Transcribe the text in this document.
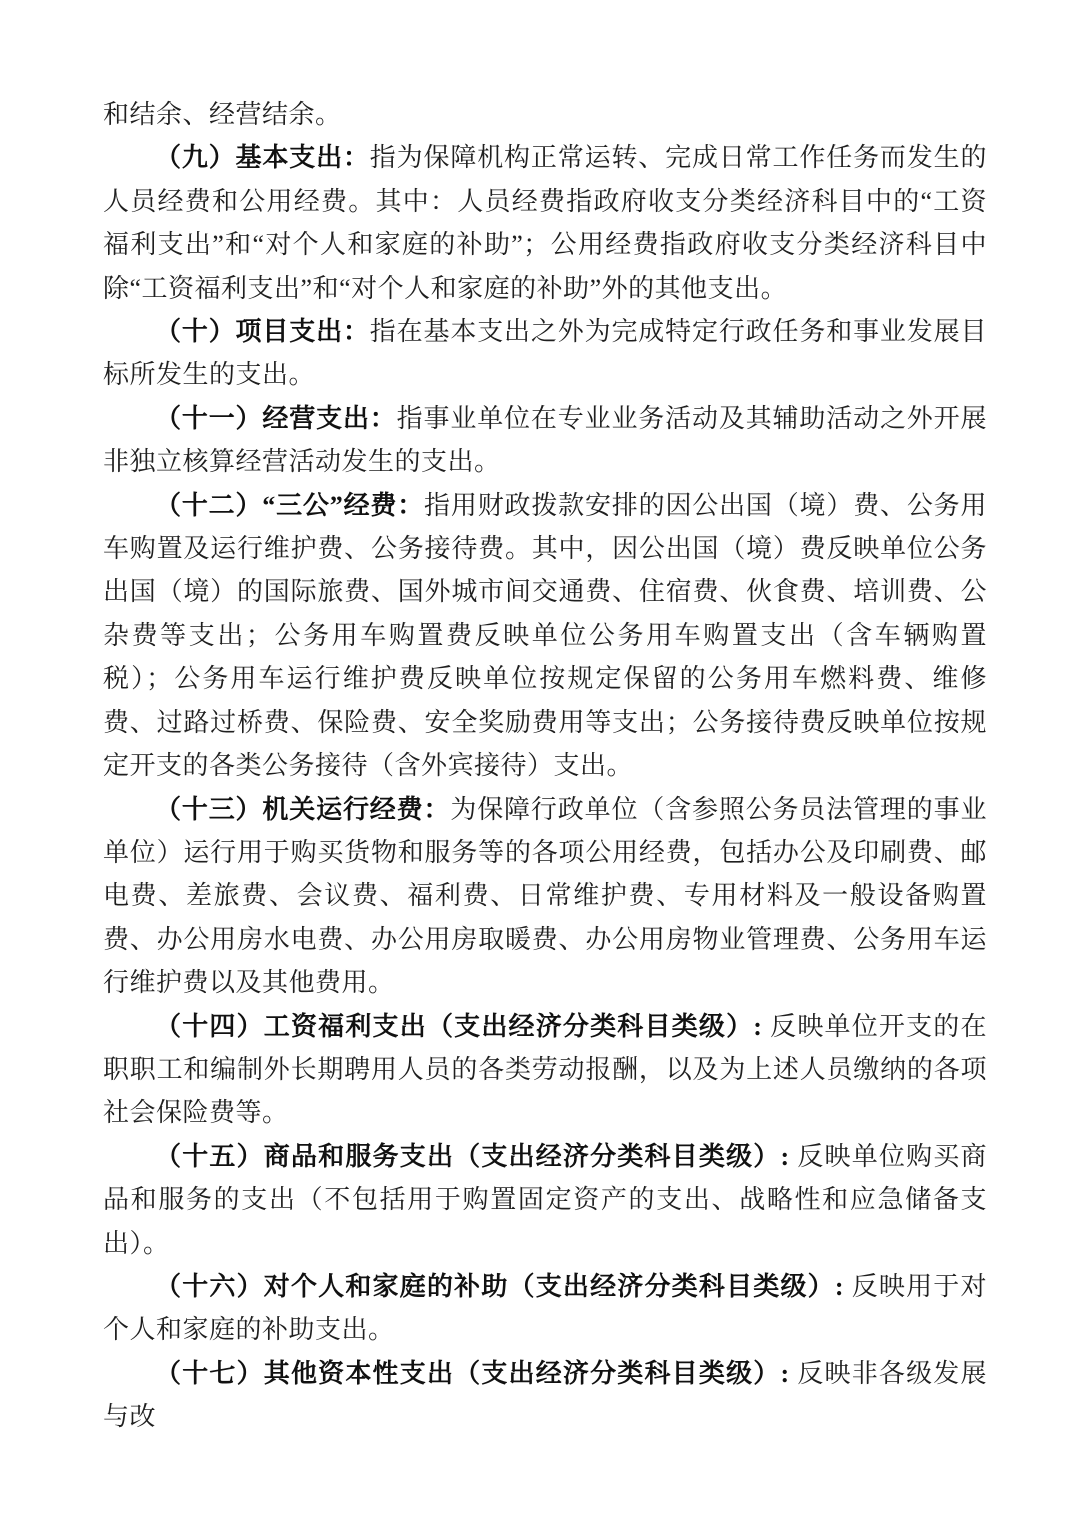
和结余、经营结余。

（九）基本支出：指为保障机构正常运转、完成日常工作任务而发生的人员经费和公用经费。其中：人员经费指政府收支分类经济科目中的“工资福利支出”和“对个人和家庭的补助”；公用经费指政府收支分类经济科目中除“工资福利支出”和“对个人和家庭的补助”外的其他支出。

（十）项目支出：指在基本支出之外为完成特定行政任务和事业发展目标所发生的支出。

（十一）经营支出：指事业单位在专业业务活动及其辅助活动之外开展非独立核算经营活动发生的支出。

（十二）“三公”经费：指用财政拨款安排的因公出国（境）费、公务用车购置及运行维护费、公务接待费。其中，因公出国（境）费反映单位公务出国（境）的国际旅费、国外城市间交通费、住宿费、伙食费、培训费、公杂费等支出；公务用车购置费反映单位公务用车购置支出（含车辆购置税）；公务用车运行维护费反映单位按规定保留的公务用车燃料费、维修费、过路过桥费、保险费、安全奖励费用等支出；公务接待费反映单位按规定开支的各类公务接待（含外宾接待）支出。

（十三）机关运行经费：为保障行政单位（含参照公务员法管理的事业单位）运行用于购买货物和服务等的各项公用经费，包括办公及印刷费、邮电费、差旅费、会议费、福利费、日常维护费、专用材料及一般设备购置费、办公用房水电费、办公用房取暖费、办公用房物业管理费、公务用车运行维护费以及其他费用。

（十四）工资福利支出（支出经济分类科目类级）: 反映单位开支的在职职工和编制外长期聘用人员的各类劳动报酬，以及为上述人员缴纳的各项社会保险费等。

（十五）商品和服务支出（支出经济分类科目类级）: 反映单位购买商品和服务的支出（不包括用于购置固定资产的支出、战略性和应急储备支出）。

（十六）对个人和家庭的补助（支出经济分类科目类级）: 反映用于对个人和家庭的补助支出。

（十七）其他资本性支出（支出经济分类科目类级）: 反映非各级发展与改
